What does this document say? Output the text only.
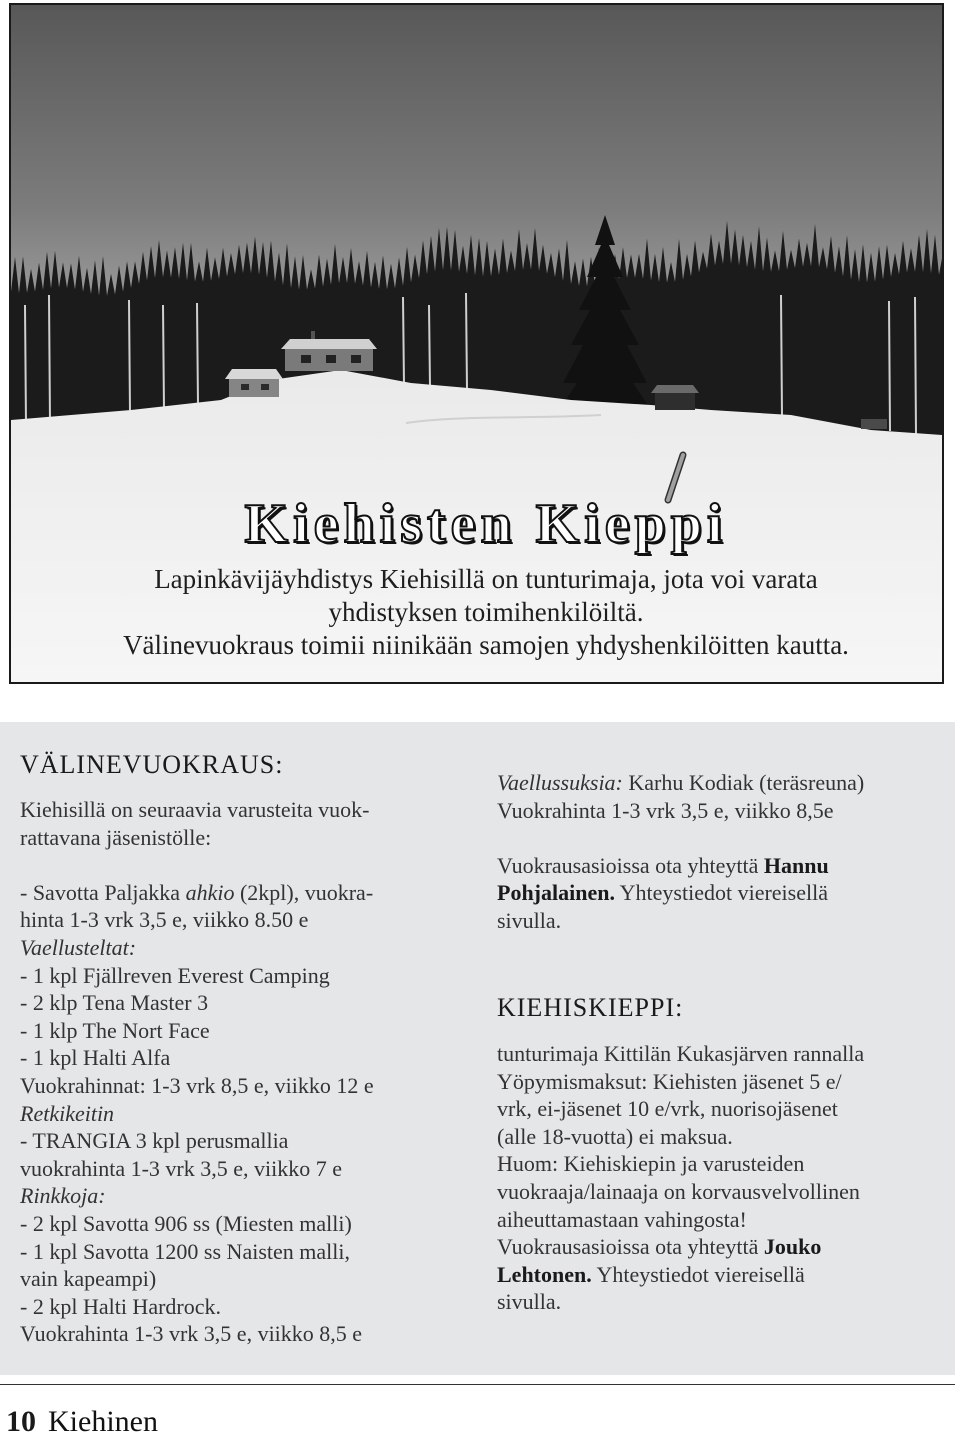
Kiehisten Kieppi
Lapinkävijäyhdistys Kiehisillä on tunturimaja, jota voi varata
yhdistyksen toimihenkilöiltä.
Välinevuokraus toimii niinikään samojen yhdyshenkilöitten kautta.
VÄLINEVUOKRAUS:
Kiehisillä on seuraavia varusteita vuok-
rattavana jäsenistölle:
- Savotta Paljakka ahkio (2kpl), vuokra-
hinta 1-3 vrk 3,5 e, viikko 8.50 e
Vaellusteltat:
- 1 kpl Fjällreven Everest Camping
- 2 klp Tena Master 3
- 1 klp The Nort Face
- 1 kpl Halti Alfa
Vuokrahinnat: 1-3 vrk 8,5 e, viikko 12 e
Retkikeitin
- TRANGIA 3 kpl perusmallia
vuokrahinta 1-3 vrk 3,5 e, viikko 7 e
Rinkkoja:
- 2 kpl Savotta 906 ss (Miesten malli)
- 1 kpl Savotta 1200 ss Naisten malli,
vain kapeampi)
- 2 kpl Halti Hardrock.
Vuokrahinta 1-3 vrk 3,5 e, viikko 8,5 e
Vaellussuksia: Karhu Kodiak (teräsreuna)
Vuokrahinta 1-3 vrk 3,5 e, viikko 8,5e
Vuokrausasioissa ota yhteyttä Hannu
Pohjalainen. Yhteystiedot viereisellä
sivulla.
KIEHISKIEPPI:
tunturimaja Kittilän Kukasjärven rannalla
Yöpymismaksut: Kiehisten jäsenet 5 e/
vrk, ei-jäsenet 10 e/vrk, nuorisojäsenet
(alle 18-vuotta) ei maksua.
Huom: Kiehiskiepin ja varusteiden
vuokraaja/lainaaja on korvausvelvollinen
aiheuttamastaan vahingosta!
Vuokrausasioissa ota yhteyttä Jouko
Lehtonen. Yhteystiedot viereisellä
sivulla.
10 Kiehinen
